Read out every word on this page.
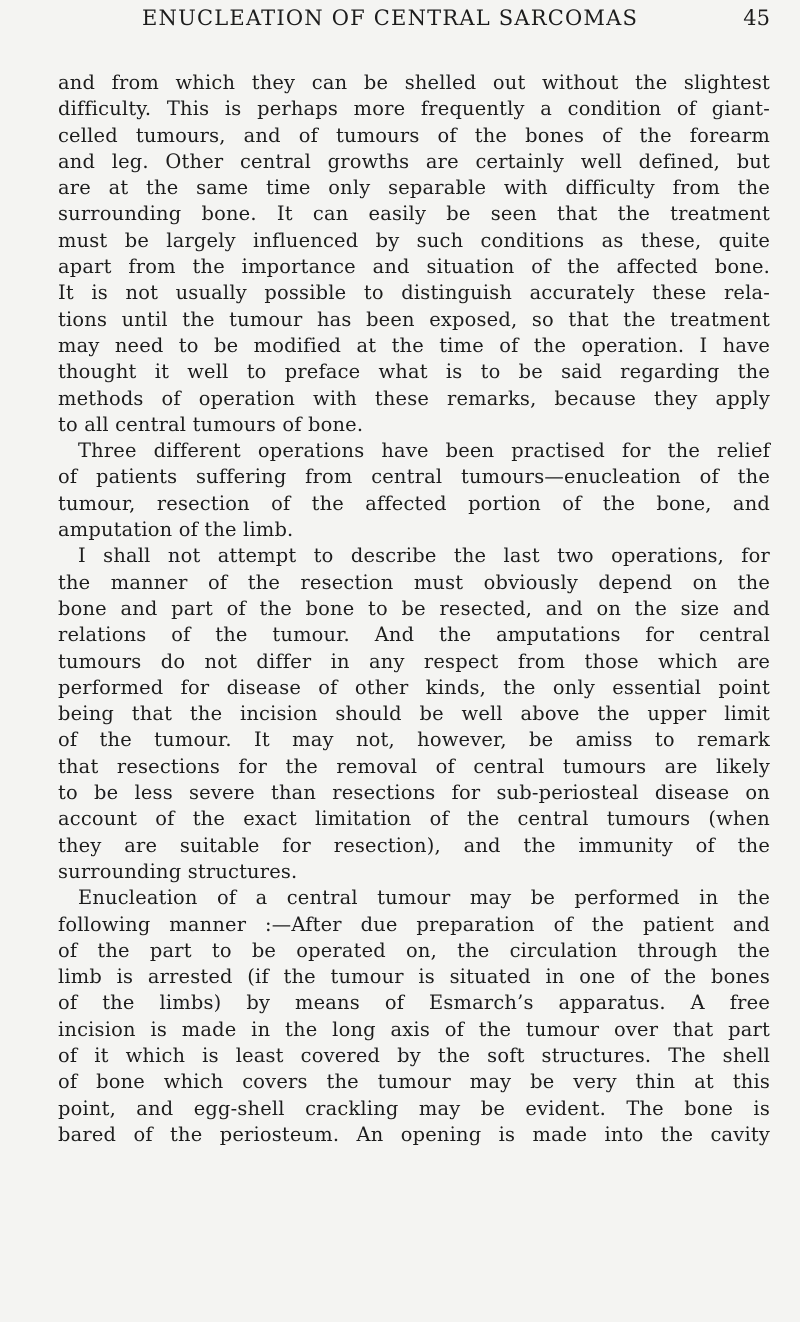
ENUCLEATION OF CENTRAL SARCOMAS	45
and from which they can be shelled out without the slightest
difficulty. This is perhaps more frequently a condition of giant-
celled tumours, and of tumours of the bones of the forearm
and leg. Other central growths are certainly well defined, but
are at the same time only separable with difficulty from the
surrounding bone. It can easily be seen that the treatment
must be largely influenced by such conditions as these, quite
apart from the importance and situation of the affected bone.
It is not usually possible to distinguish accurately these rela-
tions until the tumour has been exposed, so that the treatment
may need to be modified at the time of the operation. I have
thought it well to preface what is to be said regarding the
methods of operation with these remarks, because they apply
to all central tumours of bone.
Three different operations have been practised for the relief
of patients suffering from central tumours—enucleation of the
tumour, resection of the affected portion of the bone, and
amputation of the limb.
I shall not attempt to describe the last two operations, for
the manner of the resection must obviously depend on the
bone and part of the bone to be resected, and on the size and
relations of the tumour. And the amputations for central
tumours do not differ in any respect from those which are
performed for disease of other kinds, the only essential point
being that the incision should be well above the upper limit
of the tumour. It may not, however, be amiss to remark
that resections for the removal of central tumours are likely
to be less severe than resections for sub-periosteal disease on
account of the exact limitation of the central tumours (when
they are suitable for resection), and the immunity of the
surrounding structures.
Enucleation of a central tumour may be performed in the
following manner :—After due preparation of the patient and
of the part to be operated on, the circulation through the
limb is arrested (if the tumour is situated in one of the bones
of the limbs) by means of Esmarch’s apparatus. A free
incision is made in the long axis of the tumour over that part
of it which is least covered by the soft structures. The shell
of bone which covers the tumour may be very thin at this
point, and egg-shell crackling may be evident. The bone is
bared of the periosteum. An opening is made into the cavity
